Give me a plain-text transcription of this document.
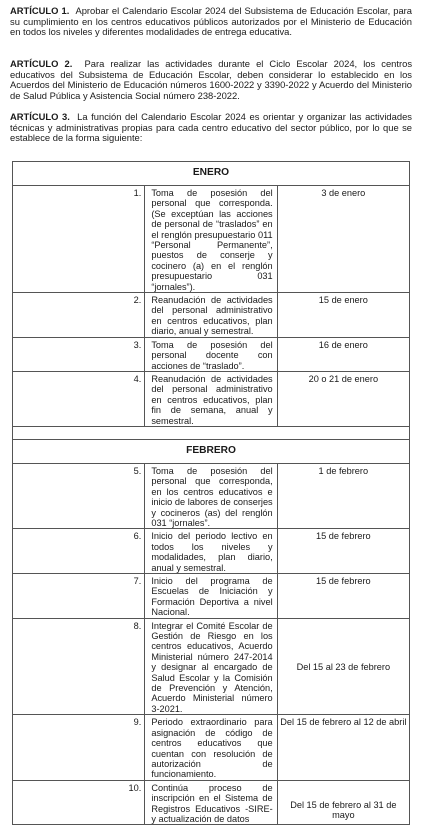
ARTÍCULO 1. Aprobar el Calendario Escolar 2024 del Subsistema de Educación Escolar, para su cumplimiento en los centros educativos públicos autorizados por el Ministerio de Educación en todos los niveles y diferentes modalidades de entrega educativa.

ARTÍCULO 2. Para realizar las actividades durante el Ciclo Escolar 2024, los centros educativos del Subsistema de Educación Escolar, deben considerar lo establecido en los Acuerdos del Ministerio de Educación números 1600-2022 y 3390-2022 y Acuerdo del Ministerio de Salud Pública y Asistencia Social número 238-2022.

ARTÍCULO 3. La función del Calendario Escolar 2024 es orientar y organizar las actividades técnicas y administrativas propias para cada centro educativo del sector público, por lo que se establece de la forma siguiente:

ENERO		
1.	Toma de posesión del personal que corresponda. (Se exceptúan las acciones de personal de “traslados” en el renglón presupuestario 011 “Personal Permanente”, puestos de conserje y cocinero (a) en el renglón presupuestario 031 “jornales”).	3 de enero
2.	Reanudación de actividades del personal administrativo en centros educativos, plan diario, anual y semestral.	15 de enero
3.	Toma de posesión del personal docente con acciones de “traslado”.	16 de enero
4.	Reanudación de actividades del personal administrativo en centros educativos, plan fin de semana, anual y semestral.	20 o 21 de enero

FEBRERO		
5.	Toma de posesión del personal que corresponda, en los centros educativos e inicio de labores de conserjes y cocineros (as) del renglón 031 “jornales”.	1 de febrero
6.	Inicio del periodo lectivo en todos los niveles y modalidades, plan diario, anual y semestral.	15 de febrero
7.	Inicio del programa de Escuelas de Iniciación y Formación Deportiva a nivel Nacional.	15 de febrero
8.	Integrar el Comité Escolar de Gestión de Riesgo en los centros educativos, Acuerdo Ministerial número 247-2014 y designar al encargado de Salud Escolar y la Comisión de Prevención y Atención, Acuerdo Ministerial número 3-2021.	Del 15 al 23 de febrero
9.	Periodo extraordinario para asignación de código de centros educativos que cuentan con resolución de autorización de funcionamiento.	Del 15 de febrero al 12 de abril
10.	Continúa proceso de inscripción en el Sistema de Registros Educativos -SIRE- y actualización de datos	Del 15 de febrero al 31 de mayo
